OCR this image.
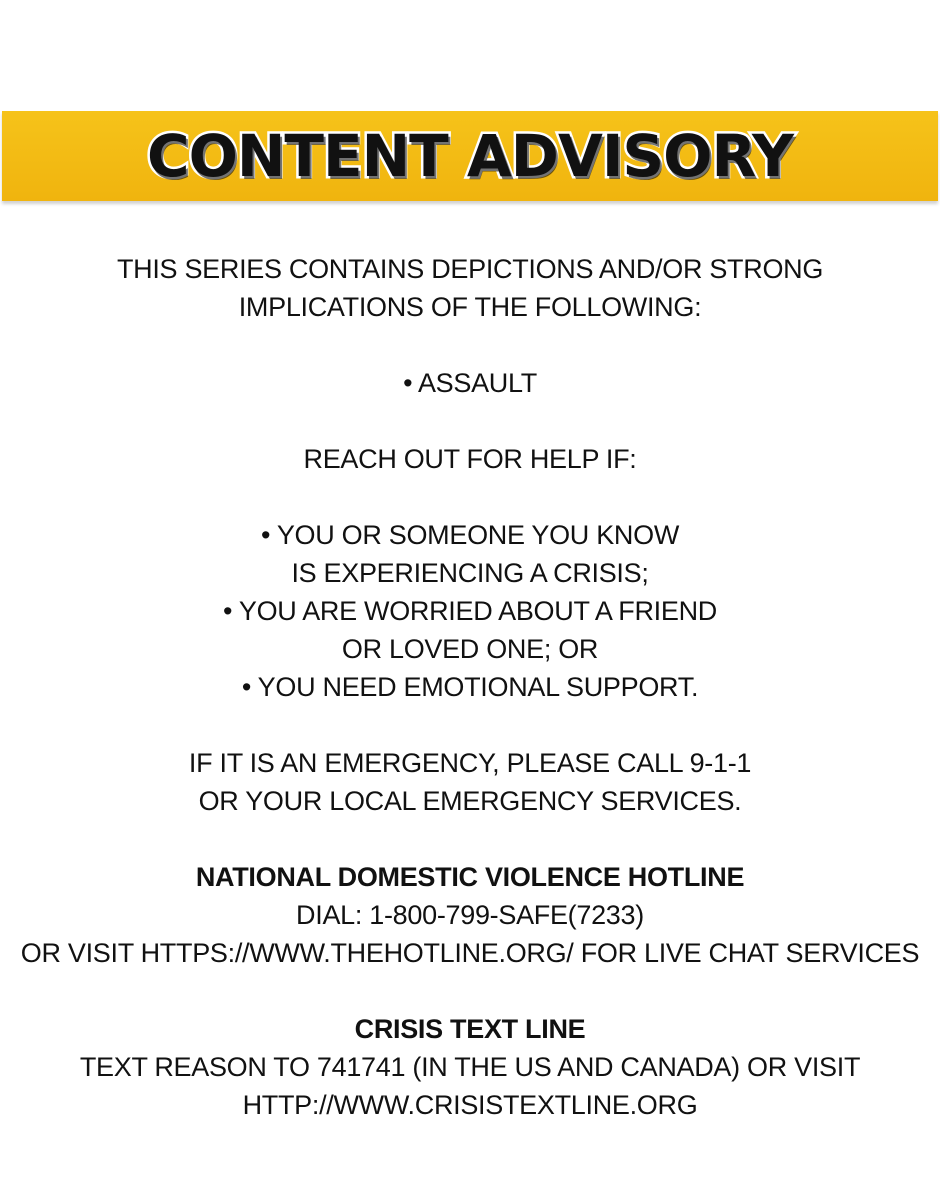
CONTENT ADVISORY
THIS SERIES CONTAINS DEPICTIONS AND/OR STRONG
IMPLICATIONS OF THE FOLLOWING:
• ASSAULT
REACH OUT FOR HELP IF:
• YOU OR SOMEONE YOU KNOW
IS EXPERIENCING A CRISIS;
• YOU ARE WORRIED ABOUT A FRIEND
OR LOVED ONE; OR
• YOU NEED EMOTIONAL SUPPORT.
IF IT IS AN EMERGENCY, PLEASE CALL 9-1-1
OR YOUR LOCAL EMERGENCY SERVICES.
NATIONAL DOMESTIC VIOLENCE HOTLINE
DIAL: 1-800-799-SAFE(7233)
OR VISIT HTTPS://WWW.THEHOTLINE.ORG/ FOR LIVE CHAT SERVICES
CRISIS TEXT LINE
TEXT REASON TO 741741 (IN THE US AND CANADA) OR VISIT
HTTP://WWW.CRISISTEXTLINE.ORG
